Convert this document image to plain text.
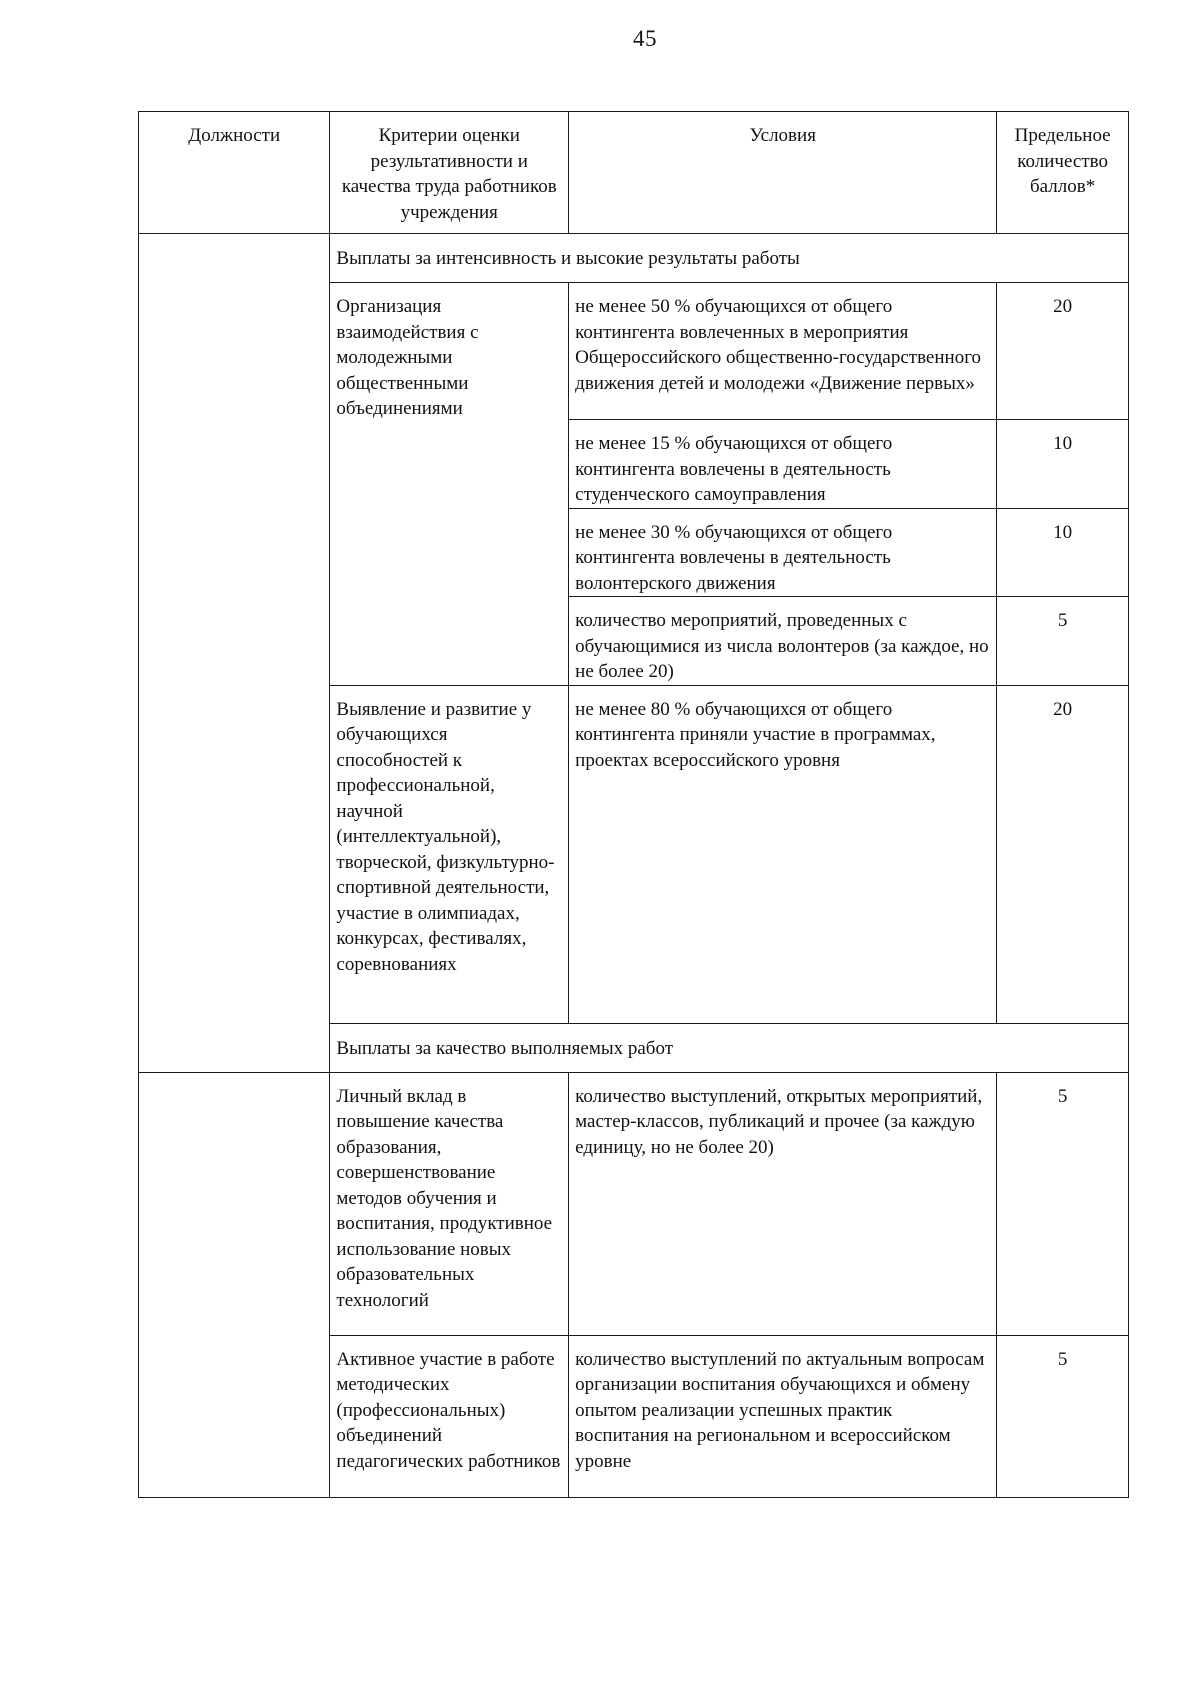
45
Должности	Критерии оценки результативности и качества труда работников учреждения	Условия	Предельное количество баллов*
	Выплаты за интенсивность и высокие результаты работы		
	Организация взаимодействия с молодежными общественными объединениями	не менее 50 % обучающихся от общего контингента вовлеченных в мероприятия Общероссийского общественно-государственного движения детей и молодежи «Движение первых»	20
		не менее 15 % обучающихся от общего контингента вовлечены в деятельность студенческого самоуправления	10
		не менее 30 % обучающихся от общего контингента вовлечены в деятельность волонтерского движения	10
		количество мероприятий, проведенных с обучающимися из числа волонтеров (за каждое, но не более 20)	5
	Выявление и развитие у обучающихся способностей к профессиональной, научной (интеллектуальной), творческой, физкультурно-спортивной деятельности, участие в олимпиадах, конкурсах, фестивалях, соревнованиях	не менее 80 % обучающихся от общего контингента приняли участие в программах, проектах всероссийского уровня	20
	Выплаты за качество выполняемых работ		
	Личный вклад в повышение качества образования, совершенствование методов обучения и воспитания, продуктивное использование новых образовательных технологий	количество выступлений, открытых мероприятий, мастер-классов, публикаций и прочее (за каждую единицу, но не более 20)	5
	Активное участие в работе методических (профессиональных) объединений педагогических работников	количество выступлений по актуальным вопросам организации воспитания обучающихся и обмену опытом реализации успешных практик воспитания на региональном и всероссийском уровне	5
